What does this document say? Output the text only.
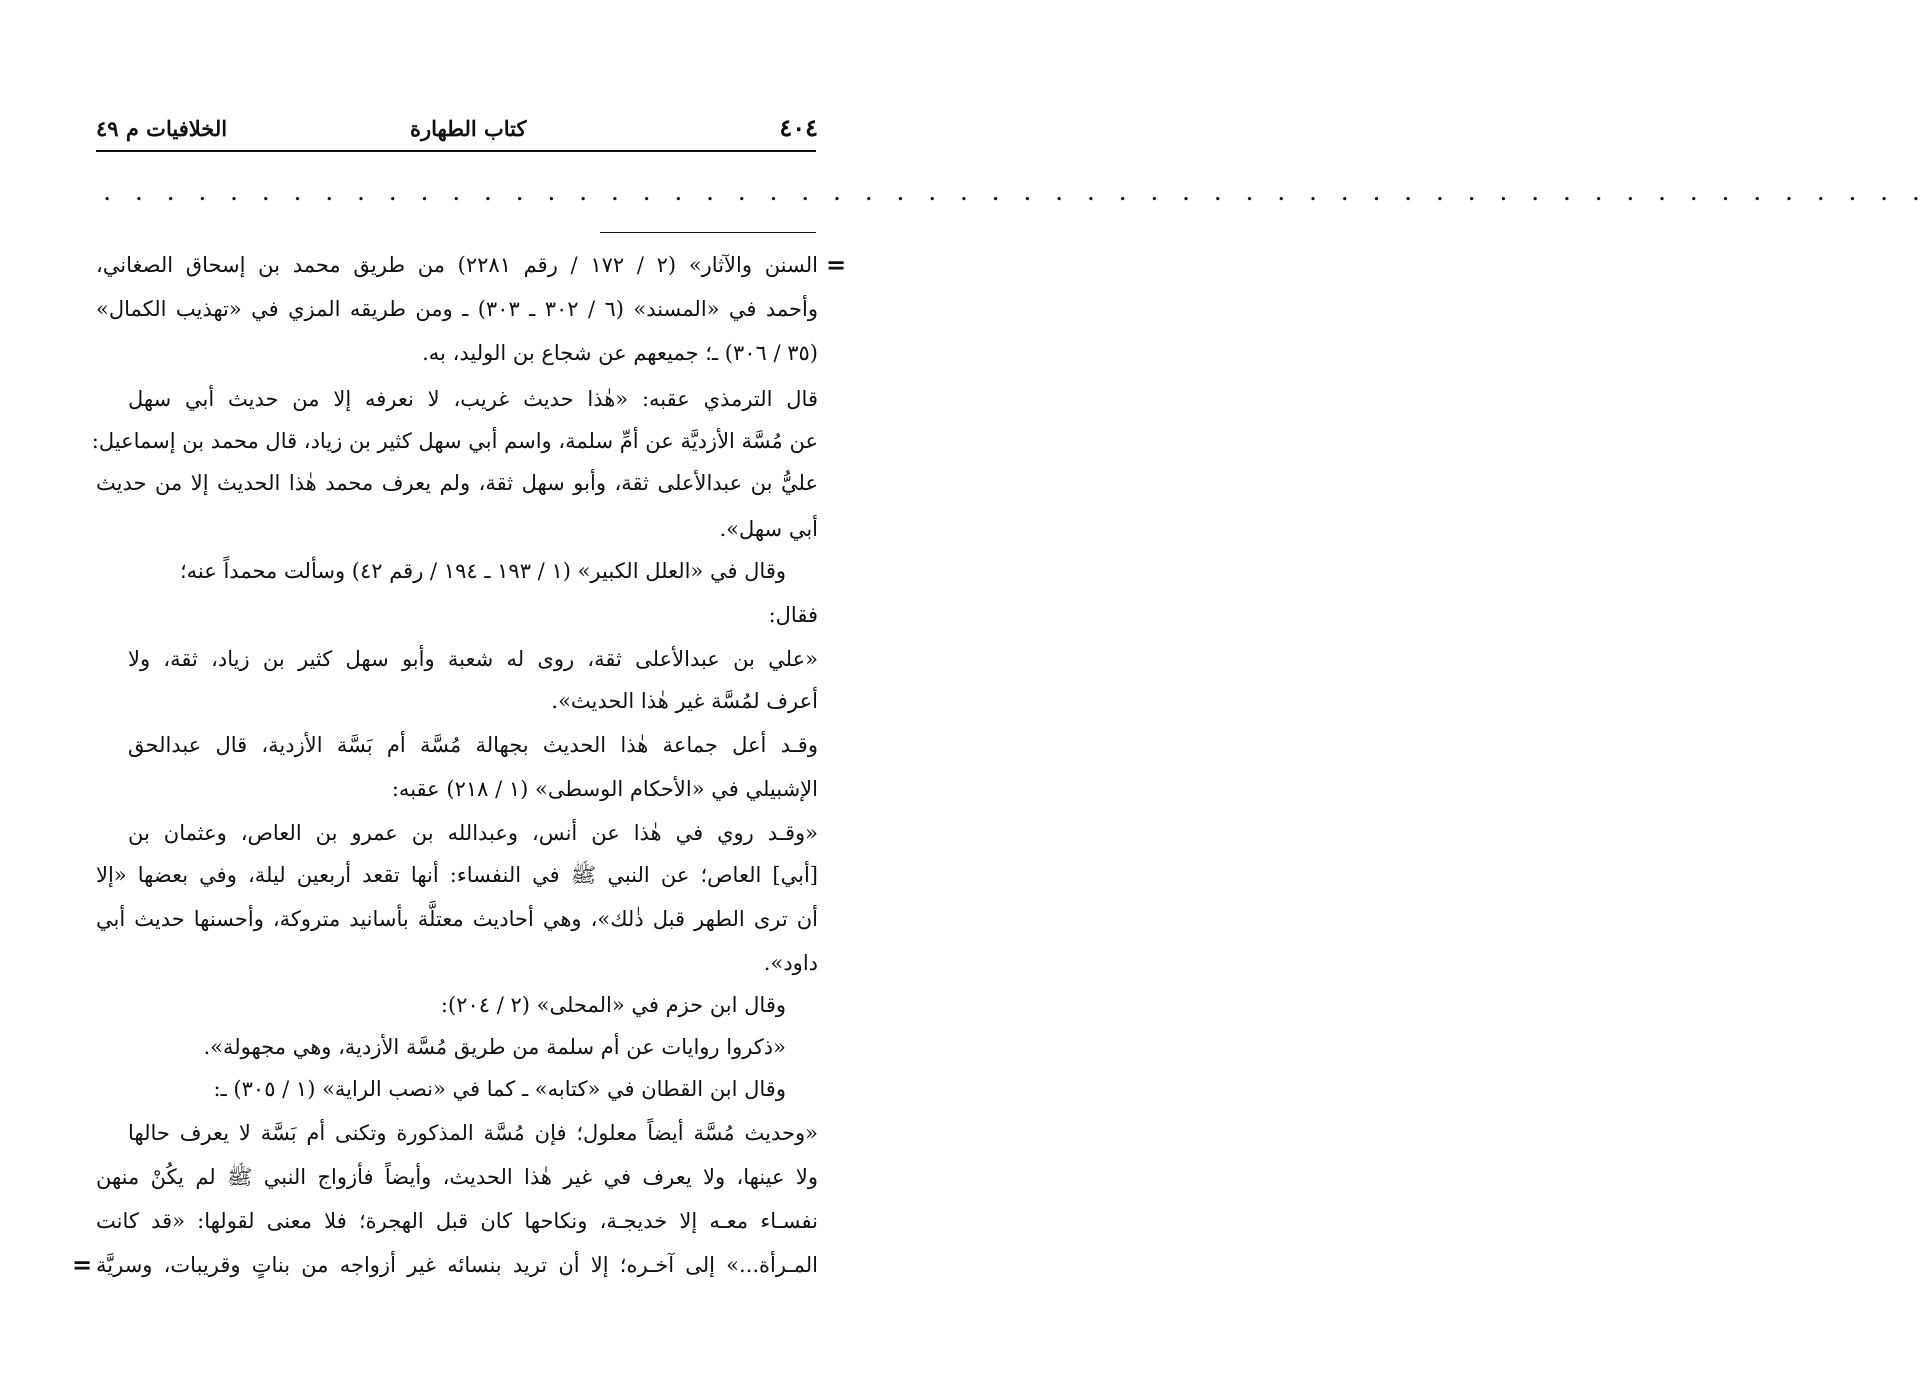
٤٠٤
كتاب الطهارة
الخلافيات م ٤٩
. . . . . . . . . . . . . . . . . . . . . . . . . . . . . . . . . . . . . . . . . . . . . . . . . . . . . . . . . .
=
=
السنن والآثار» (٢ / ١٧٢ / رقم ٢٢٨١) من طريق محمد بن إسحاق الصغاني،
وأحمد في «المسند» (٦ / ٣٠٢ ـ ٣٠٣) ـ ومن طريقه المزي في «تهذيب الكمال»
(٣٥ / ٣٠٦) ـ؛ جميعهم عن شجاع بن الوليد، به.
قال الترمذي عقبه: «هٰذا حديث غريب، لا نعرفه إلا من حديث أبي سهل
عن مُسَّة الأزديَّة عن أمِّ سلمة، واسم أبي سهل كثير بن زياد، قال محمد بن إسماعيل:
عليُّ بن عبدالأعلى ثقة، وأبو سهل ثقة، ولم يعرف محمد هٰذا الحديث إلا من حديث
أبي سهل».
وقال في «العلل الكبير» (١ / ١٩٣ ـ ١٩٤ / رقم ٤٢) وسألت محمداً عنه؛
فقال:
«علي بن عبدالأعلى ثقة، روى له شعبة وأبو سهل كثير بن زياد، ثقة، ولا
أعرف لمُسَّة غير هٰذا الحديث».
وقـد أعل جماعة هٰذا الحديث بجهالة مُسَّة أم بَسَّة الأزدية، قال عبدالحق
الإشبيلي في «الأحكام الوسطى» (١ / ٢١٨) عقبه:
«وقـد روي في هٰذا عن أنس، وعبدالله بن عمرو بن العاص، وعثمان بن
[أبي] العاص؛ عن النبي ﷺ في النفساء: أنها تقعد أربعين ليلة، وفي بعضها «إلا
أن ترى الطهر قبل ذٰلك»، وهي أحاديث معتلَّة بأسانيد متروكة، وأحسنها حديث أبي
داود».
وقال ابن حزم في «المحلى» (٢ / ٢٠٤):
«ذكروا روايات عن أم سلمة من طريق مُسَّة الأزدية، وهي مجهولة».
وقال ابن القطان في «كتابه» ـ كما في «نصب الراية» (١ / ٣٠٥) ـ:
«وحديث مُسَّة أيضاً معلول؛ فإن مُسَّة المذكورة وتكنى أم بَسَّة لا يعرف حالها
ولا عينها، ولا يعرف في غير هٰذا الحديث، وأيضاً فأزواج النبي ﷺ لم يكُنْ منهن
نفسـاء معـه إلا خديجـة، ونكاحها كان قبل الهجرة؛ فلا معنى لقولها: «قد كانت
المـرأة...» إلى آخـره؛ إلا أن تريد بنسائه غير أزواجه من بناتٍ وقريبات، وسريَّة
